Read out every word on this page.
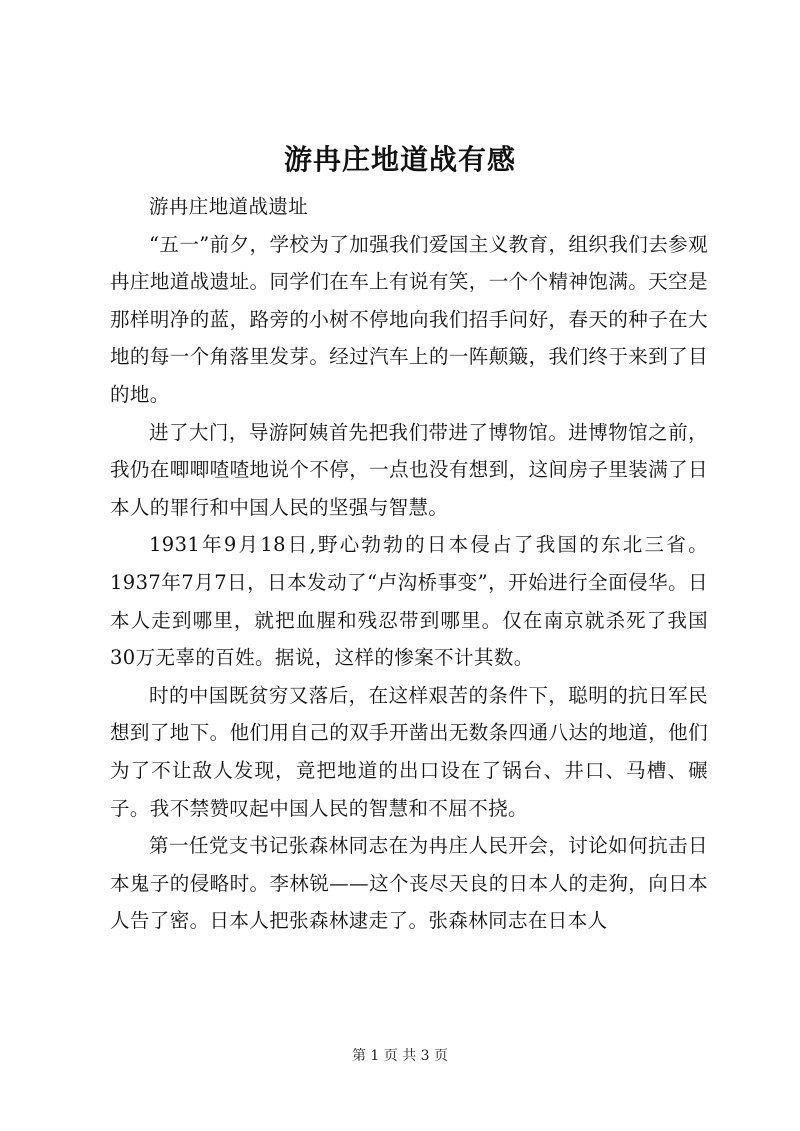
游冉庄地道战有感

游冉庄地道战遗址

“五一”前夕，学校为了加强我们爱国主义教育，组织我们去参观冉庄地道战遗址。同学们在车上有说有笑，一个个精神饱满。天空是那样明净的蓝，路旁的小树不停地向我们招手问好，春天的种子在大地的每一个角落里发芽。经过汽车上的一阵颠簸，我们终于来到了目的地。

进了大门，导游阿姨首先把我们带进了博物馆。进博物馆之前，我仍在唧唧喳喳地说个不停，一点也没有想到，这间房子里装满了日本人的罪行和中国人民的坚强与智慧。

1931年9月18日,野心勃勃的日本侵占了我国的东北三省。1937年7月7日，日本发动了“卢沟桥事变”，开始进行全面侵华。日本人走到哪里，就把血腥和残忍带到哪里。仅在南京就杀死了我国30万无辜的百姓。据说，这样的惨案不计其数。

时的中国既贫穷又落后，在这样艰苦的条件下，聪明的抗日军民想到了地下。他们用自己的双手开凿出无数条四通八达的地道，他们为了不让敌人发现，竟把地道的出口设在了锅台、井口、马槽、碾子。我不禁赞叹起中国人民的智慧和不屈不挠。

第一任党支书记张森林同志在为冉庄人民开会，讨论如何抗击日本鬼子的侵略时。李林锐——这个丧尽天良的日本人的走狗，向日本人告了密。日本人把张森林逮走了。张森林同志在日本人

第 1 页 共 3 页
